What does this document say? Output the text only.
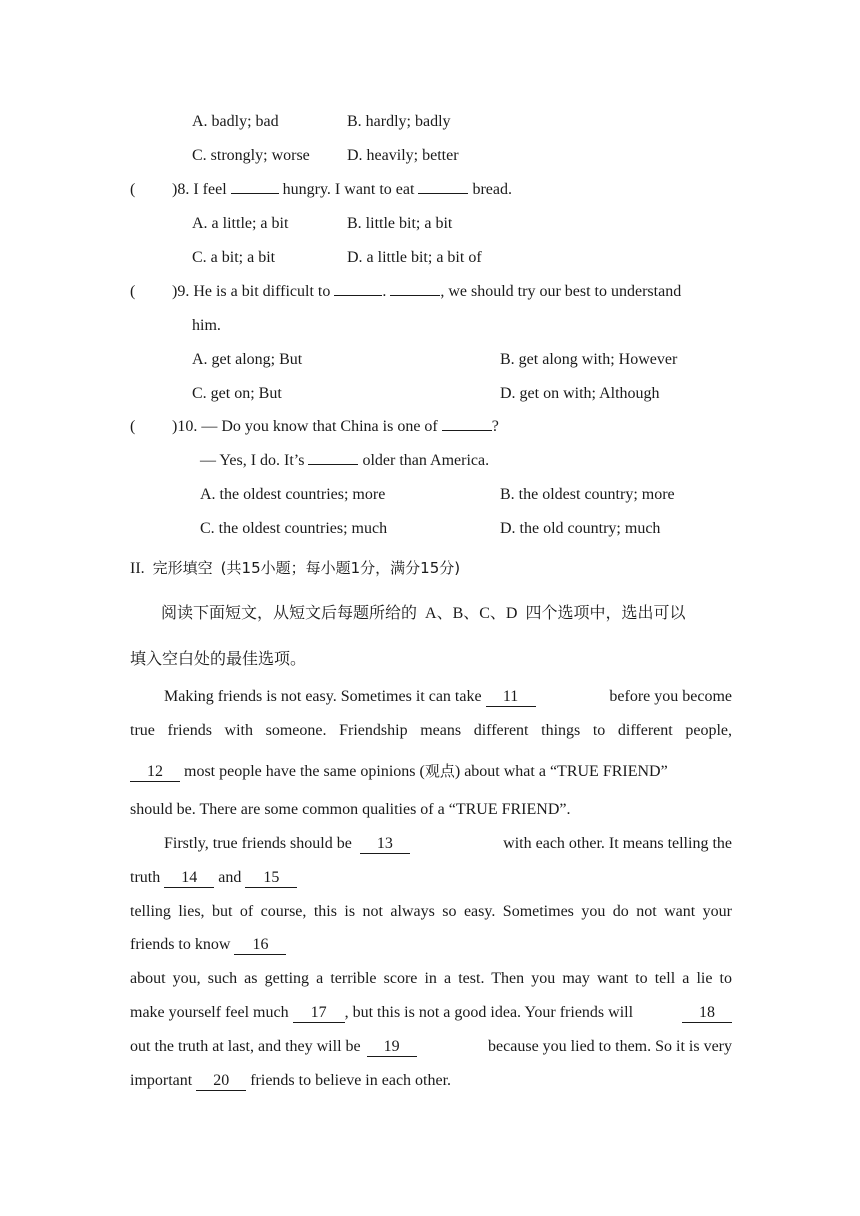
A. badly; bad	B. hardly; badly
C. strongly; worse D. heavily; better
( )8. I feel	hungry. I want to eat	bread.
A. a little; a bit	B. little bit; a bit
C. a bit; a bit	D. a little bit; a bit of
( )9. He is a bit difficult to	.	, we should try our best to understand
him.
A. get along; But	B. get along with; However
C. get on; But	D. get on with; Although
( )10. — Do you know that China is one of	?
— Yes, I do. It’s	older than America.
A. the oldest countries; more	B. the oldest country; more
C. the oldest countries; much	D. the old country; much
II. 完形填空 (共15小题；每小题1分，满分15分)
阅读下面短文，从短文后每题所给的 A、B、C、D 四个选项中，选出可以
填入空白处的最佳选项。
Making friends is not easy. Sometimes it can take 11	before you become
true friends with someone. Friendship means different things to different people,
12 most people have the same opinions (观点) about what a “TRUE FRIEND”
should be. There are some common qualities of a “TRUE FRIEND”.
Firstly, true friends should be 13	with each other. It means telling the
truth 14 and 15
telling lies, but of course, this is not always so easy. Sometimes you do not want your
friends to know 16
about you, such as getting a terrible score in a test. Then you may want to tell a lie to
make yourself feel much 17 , but this is not a good idea. Your friends will	18
out the truth at last, and they will be 19	because you lied to them. So it is very
important 20 friends to believe in each other.
